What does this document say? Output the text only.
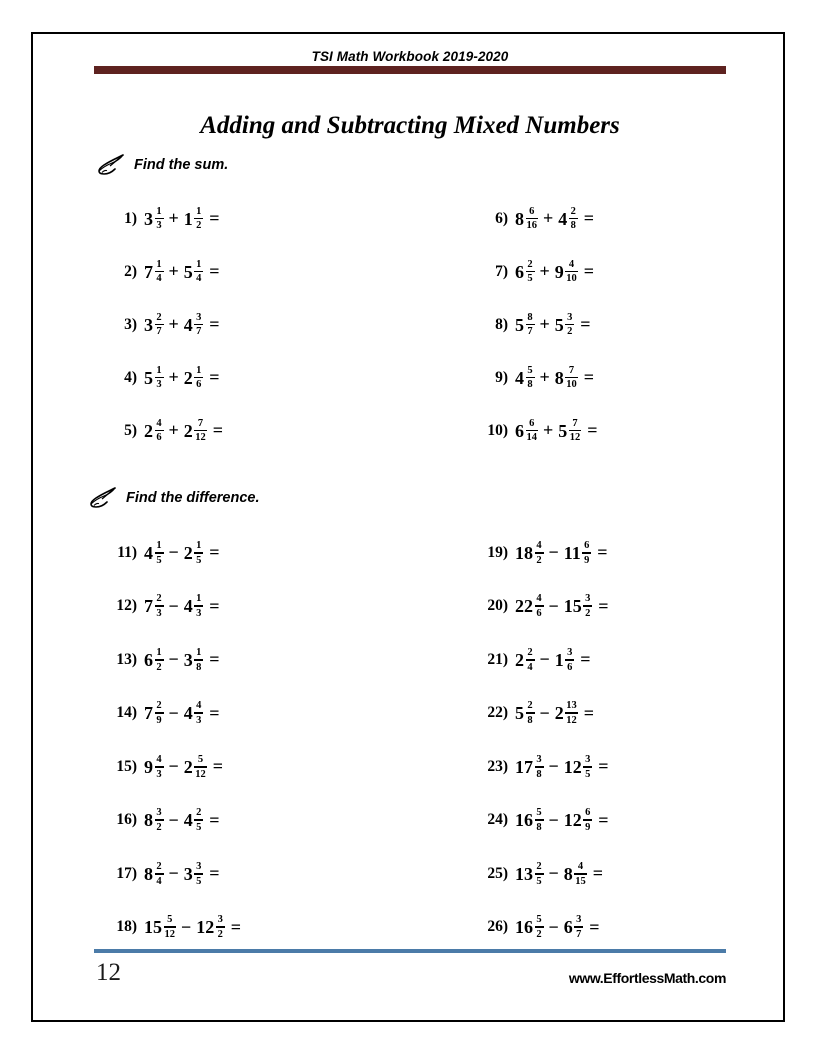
TSI Math Workbook 2019-2020
Adding and Subtracting Mixed Numbers
Find the sum.
1) $3 \frac{1}{3} + 1 \frac{1}{2}$ =	6) $8 \frac{6}{16} + 4 \frac{2}{8}$ =
2) $7 \frac{1}{4} + 5 \frac{1}{4}$ =	7) $6 \frac{2}{5} + 9 \frac{4}{10}$ =
3) $3 \frac{2}{7} + 4 \frac{3}{7}$ =	8) $5 \frac{8}{7} + 5 \frac{3}{2}$ =
4) $5 \frac{1}{3} + 2 \frac{1}{6}$ =	9) $4 \frac{5}{8} + 8 \frac{7}{10}$ =
5) $2 \frac{4}{6} + 2 \frac{7}{12}$ =	10) $6 \frac{6}{14} + 5 \frac{7}{12}$ =
Find the difference.
11) $4 \frac{1}{5} - 2 \frac{1}{5}$ =	19) $18 \frac{4}{2} - 11 \frac{6}{9}$ =
12) $7 \frac{2}{3} - 4 \frac{1}{3}$ =	20) $22 \frac{4}{6} - 15 \frac{3}{2}$ =
13) $6 \frac{1}{2} - 3 \frac{1}{8}$ =	21) $2 \frac{2}{4} - 1 \frac{3}{6}$ =
14) $7 \frac{2}{9} - 4 \frac{4}{3}$ =	22) $5 \frac{2}{8} - 2 \frac{13}{12}$ =
15) $9 \frac{4}{3} - 2 \frac{5}{12}$ =	23) $17 \frac{3}{8} - 12 \frac{3}{5}$ =
16) $8 \frac{3}{2} - 4 \frac{2}{5}$ =	24) $16 \frac{5}{8} - 12 \frac{6}{9}$ =
17) $8 \frac{2}{4} - 3 \frac{3}{5}$ =	25) $13 \frac{2}{5} - 8 \frac{4}{15}$ =
18) $15 \frac{5}{12} - 12 \frac{3}{2}$ =	26) $16 \frac{5}{2} - 6 \frac{3}{7}$ =
12	www.EffortlessMath.com
